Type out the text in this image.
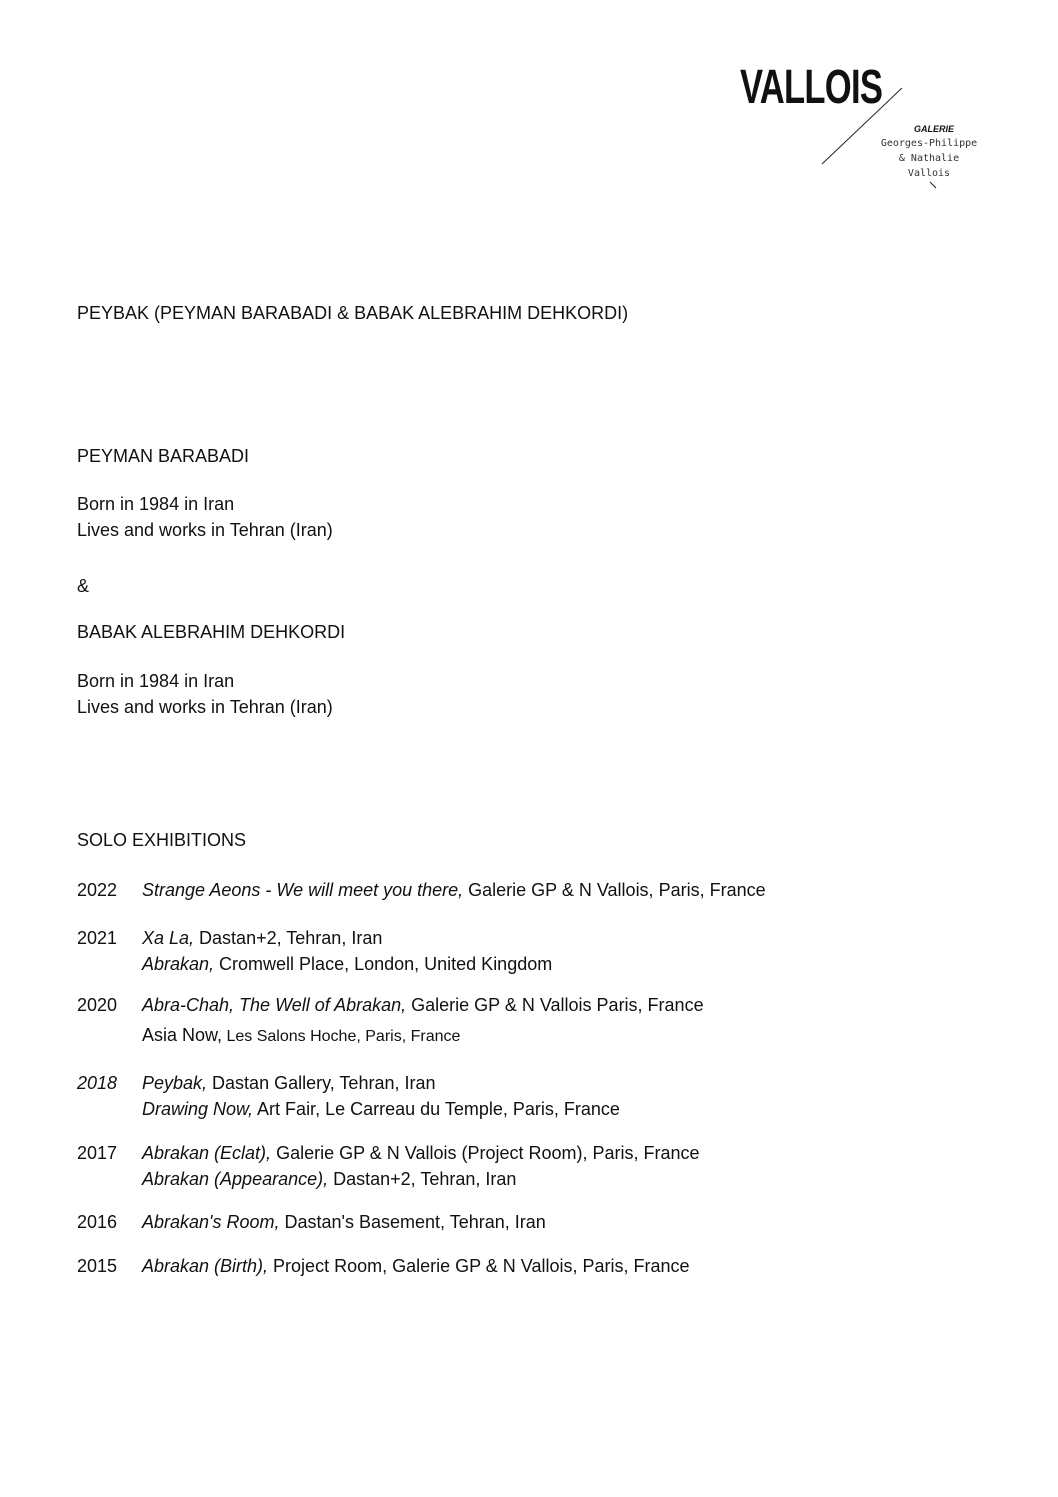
VALLOIS
GALERIE
Georges-Philippe
& Nathalie
Vallois
PEYBAK (PEYMAN BARABADI & BABAK ALEBRAHIM DEHKORDI)
PEYMAN BARABADI
Born in 1984 in Iran
Lives and works in Tehran (Iran)
&
BABAK ALEBRAHIM DEHKORDI
Born in 1984 in Iran
Lives and works in Tehran (Iran)
SOLO EXHIBITIONS
2022	Strange Aeons - We will meet you there, Galerie GP & N Vallois, Paris, France
2021	Xa La, Dastan+2, Tehran, Iran
Abrakan, Cromwell Place, London, United Kingdom
2020	Abra-Chah, The Well of Abrakan, Galerie GP & N Vallois Paris, France
Asia Now, Les Salons Hoche, Paris, France
2018	Peybak, Dastan Gallery, Tehran, Iran
Drawing Now, Art Fair, Le Carreau du Temple, Paris, France
2017	Abrakan (Eclat), Galerie GP & N Vallois (Project Room), Paris, France
Abrakan (Appearance), Dastan+2, Tehran, Iran
2016	Abrakan's Room, Dastan's Basement, Tehran, Iran
2015	Abrakan (Birth), Project Room, Galerie GP & N Vallois, Paris, France
